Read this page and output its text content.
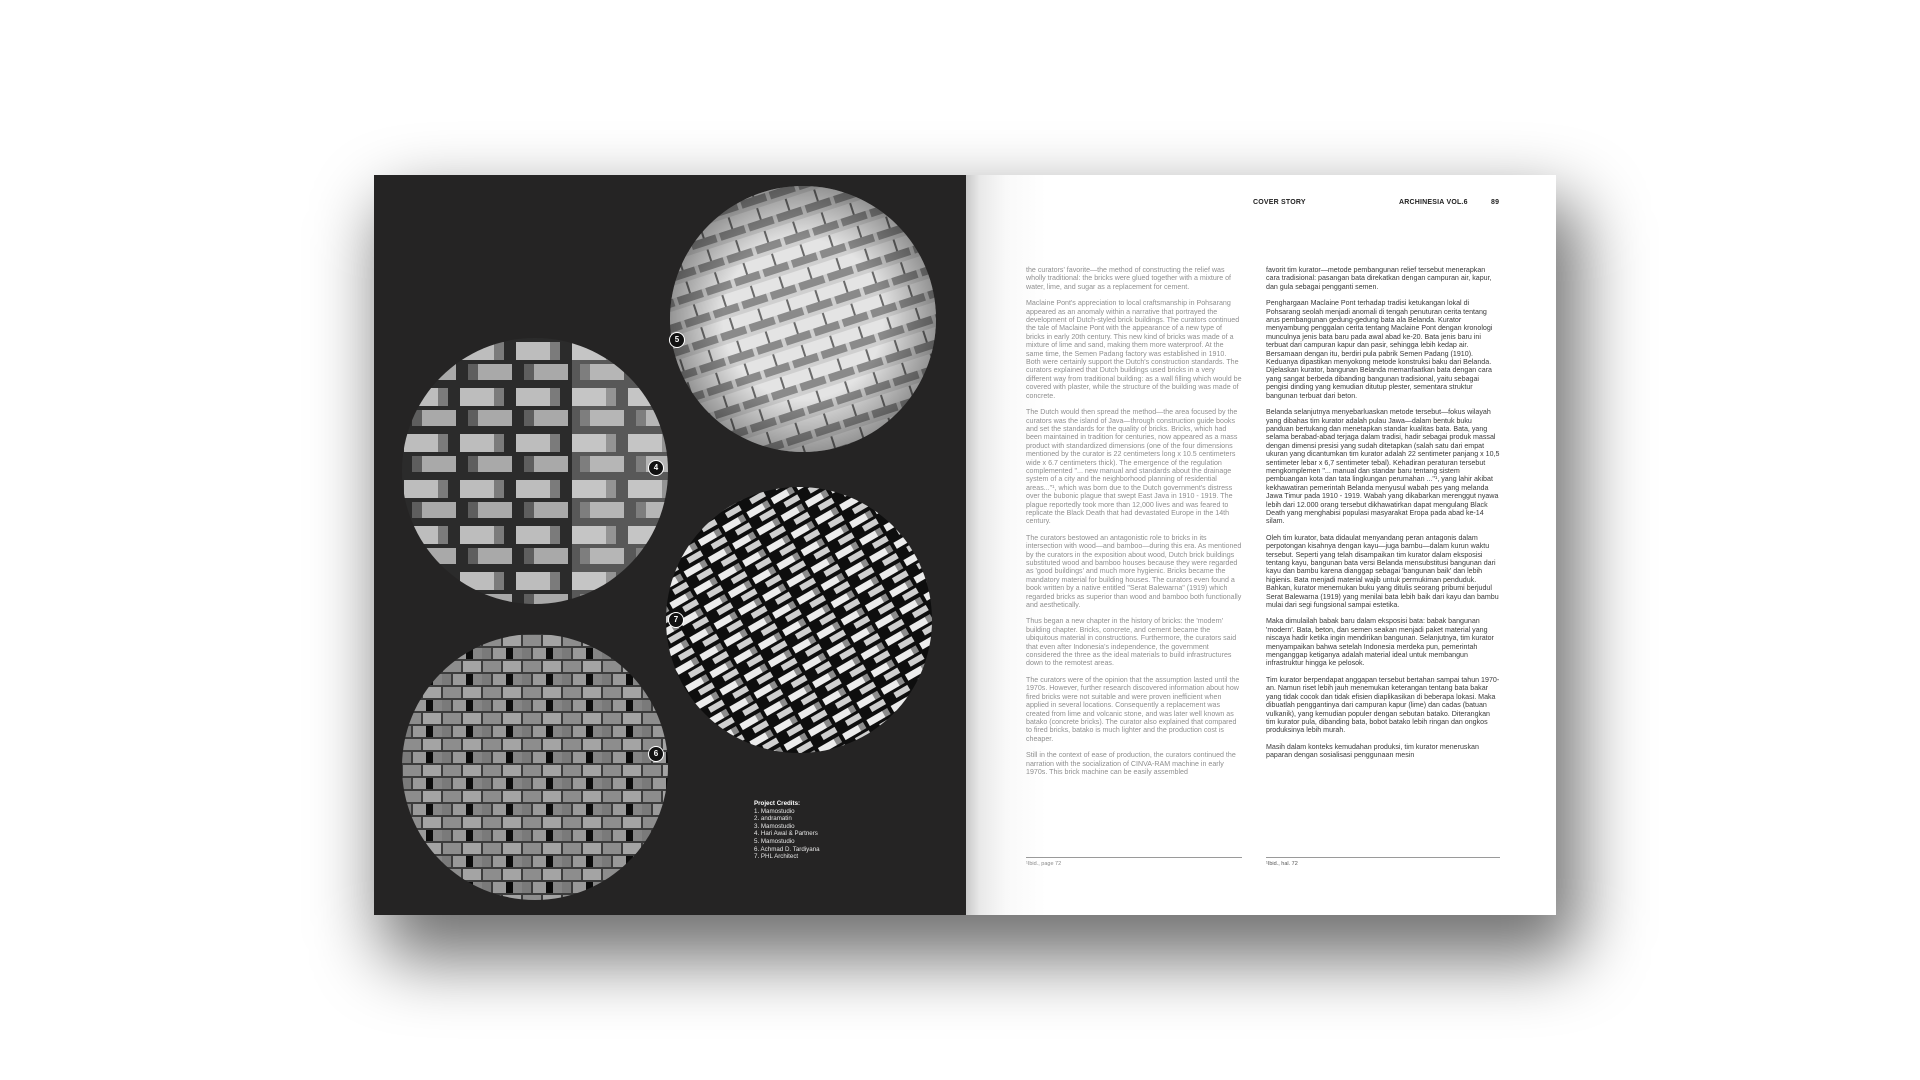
5
4
7
6
Project Credits:
1. Mamostudio
2. andramatin
3. Mamostudio
4. Hari Awal & Partners
5. Mamostudio
6. Achmad D. Tardiyana
7. PHL Architect
COVER STORY	ARCHINESIA VOL.6	89

the curators' favorite—the method of constructing the relief was wholly traditional: the bricks were glued together with a mixture of water, lime, and sugar as a replacement for cement.

Maclaine Pont's appreciation to local craftsmanship in Pohsarang appeared as an anomaly within a narrative that portrayed the development of Dutch-styled brick buildings. The curators continued the tale of Maclaine Pont with the appearance of a new type of bricks in early 20th century. This new kind of bricks was made of a mixture of lime and sand, making them more waterproof. At the same time, the Semen Padang factory was established in 1910. Both were certainly support the Dutch's construction standards. The curators explained that Dutch buildings used bricks in a very different way from traditional building: as a wall filling which would be covered with plaster, while the structure of the building was made of concrete.

The Dutch would then spread the method—the area focused by the curators was the island of Java—through construction guide books and set the standards for the quality of bricks. Bricks, which had been maintained in tradition for centuries, now appeared as a mass product with standardized dimensions (one of the four dimensions mentioned by the curator is 22 centimeters long x 10.5 centimeters wide x 6.7 centimeters thick). The emergence of the regulation complemented "... new manual and standards about the drainage system of a city and the neighborhood planning of residential areas..."¹, which was born due to the Dutch government's distress over the bubonic plague that swept East Java in 1910 - 1919. The plague reportedly took more than 12,000 lives and was feared to replicate the Black Death that had devastated Europe in the 14th century.

The curators bestowed an antagonistic role to bricks in its intersection with wood—and bamboo—during this era. As mentioned by the curators in the exposition about wood, Dutch brick buildings substituted wood and bamboo houses because they were regarded as 'good buildings' and much more hygienic. Bricks became the mandatory material for building houses. The curators even found a book written by a native entitled "Serat Balewarna" (1919) which regarded bricks as superior than wood and bamboo both functionally and aesthetically.

Thus began a new chapter in the history of bricks: the 'modern' building chapter. Bricks, concrete, and cement became the ubiquitous material in constructions. Furthermore, the curators said that even after Indonesia's independence, the government considered the three as the ideal materials to build infrastructures down to the remotest areas.

The curators were of the opinion that the assumption lasted until the 1970s. However, further research discovered information about how fired bricks were not suitable and were proven inefficient when applied in several locations. Consequently a replacement was created from lime and volcanic stone, and was later well known as batako (concrete bricks). The curator also explained that compared to fired bricks, batako is much lighter and the production cost is cheaper.

Still in the context of ease of production, the curators continued the narration with the socialization of CINVA-RAM machine in early 1970s. This brick machine can be easily assembled

favorit tim kurator—metode pembangunan relief tersebut menerapkan cara tradisional: pasangan bata direkatkan dengan campuran air, kapur, dan gula sebagai pengganti semen.

Penghargaan Maclaine Pont terhadap tradisi ketukangan lokal di Pohsarang seolah menjadi anomali di tengah penuturan cerita tentang arus pembangunan gedung-gedung bata ala Belanda. Kurator menyambung penggalan cerita tentang Maclaine Pont dengan kronologi munculnya jenis bata baru pada awal abad ke-20. Bata jenis baru ini terbuat dari campuran kapur dan pasir, sehingga lebih kedap air. Bersamaan dengan itu, berdiri pula pabrik Semen Padang (1910). Keduanya dipastikan menyokong metode konstruksi baku dari Belanda. Dijelaskan kurator, bangunan Belanda memanfaatkan bata dengan cara yang sangat berbeda dibanding bangunan tradisional, yaitu sebagai pengisi dinding yang kemudian ditutup plester, sementara struktur bangunan terbuat dari beton.

Belanda selanjutnya menyebarluaskan metode tersebut—fokus wilayah yang dibahas tim kurator adalah pulau Jawa—dalam bentuk buku panduan bertukang dan menetapkan standar kualitas bata. Bata, yang selama berabad-abad terjaga dalam tradisi, hadir sebagai produk massal dengan dimensi presisi yang sudah ditetapkan (salah satu dari empat ukuran yang dicantumkan tim kurator adalah 22 sentimeter panjang x 10,5 sentimeter lebar x 6,7 sentimeter tebal). Kehadiran peraturan tersebut mengkomplemen "... manual dan standar baru tentang sistem pembuangan kota dan tata lingkungan perumahan ..."¹, yang lahir akibat kekhawatiran pemerintah Belanda menyusul wabah pes yang melanda Jawa Timur pada 1910 - 1919. Wabah yang dikabarkan merenggut nyawa lebih dari 12.000 orang tersebut dikhawatirkan dapat mengulang Black Death yang menghabisi populasi masyarakat Eropa pada abad ke-14 silam.

Oleh tim kurator, bata didaulat menyandang peran antagonis dalam perpotongan kisahnya dengan kayu—juga bambu—dalam kurun waktu tersebut. Seperti yang telah disampaikan tim kurator dalam eksposisi tentang kayu, bangunan bata versi Belanda mensubstitusi bangunan dari kayu dan bambu karena dianggap sebagai 'bangunan baik' dan lebih higienis. Bata menjadi material wajib untuk permukiman penduduk. Bahkan, kurator menemukan buku yang ditulis seorang pribumi berjudul Serat Balewarna (1919) yang menilai bata lebih baik dari kayu dan bambu mulai dari segi fungsional sampai estetika.

Maka dimulailah babak baru dalam eksposisi bata: babak bangunan 'modern'. Bata, beton, dan semen seakan menjadi paket material yang niscaya hadir ketika ingin mendirikan bangunan. Selanjutnya, tim kurator menyampaikan bahwa setelah Indonesia merdeka pun, pemerintah menganggap ketiganya adalah material ideal untuk membangun infrastruktur hingga ke pelosok.

Tim kurator berpendapat anggapan tersebut bertahan sampai tahun 1970-an. Namun riset lebih jauh menemukan keterangan tentang bata bakar yang tidak cocok dan tidak efisien diaplikasikan di beberapa lokasi. Maka dibuatlah penggantinya dari campuran kapur (lime) dan cadas (batuan vulkanik), yang kemudian populer dengan sebutan batako. Diterangkan tim kurator pula, dibanding bata, bobot batako lebih ringan dan ongkos produksinya lebih murah.

Masih dalam konteks kemudahan produksi, tim kurator meneruskan paparan dengan sosialisasi penggunaan mesin

¹Ibid., page 72	¹Ibid., hal. 72
